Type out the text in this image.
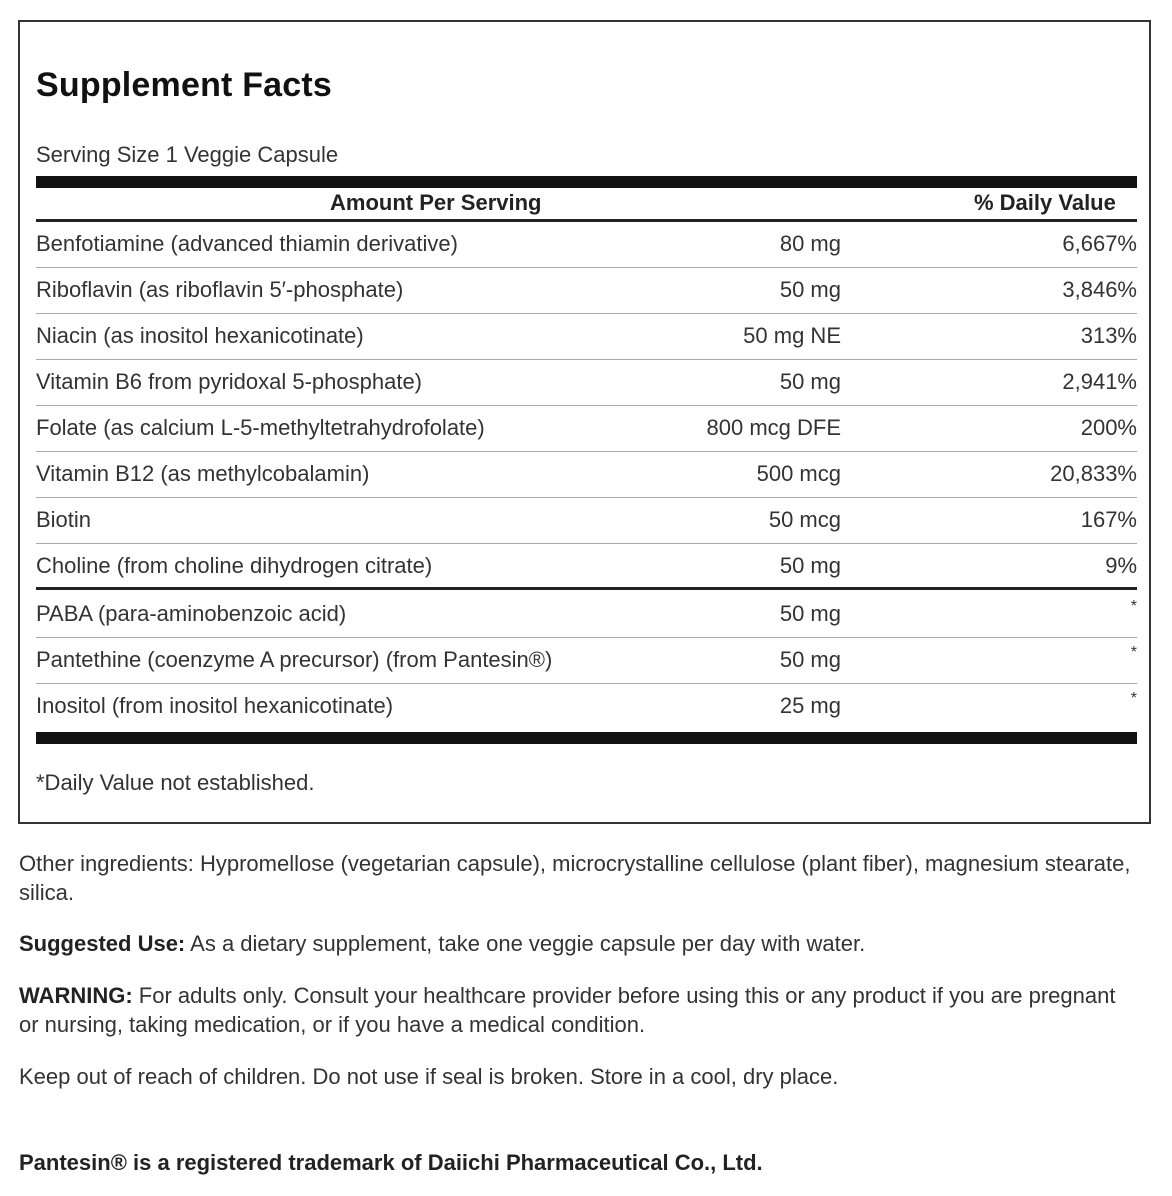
Supplement Facts
Serving Size 1 Veggie Capsule
Amount Per Serving	% Daily Value
Benfotiamine (advanced thiamin derivative)	80 mg	6,667%
Riboflavin (as riboflavin 5′-phosphate)	50 mg	3,846%
Niacin (as inositol hexanicotinate)	50 mg NE	313%
Vitamin B6 from pyridoxal 5-phosphate)	50 mg	2,941%
Folate (as calcium L-5-methyltetrahydrofolate)	800 mcg DFE	200%
Vitamin B12 (as methylcobalamin)	500 mcg	20,833%
Biotin	50 mcg	167%
Choline (from choline dihydrogen citrate)	50 mg	9%
PABA (para-aminobenzoic acid)	50 mg	*
Pantethine (coenzyme A precursor) (from Pantesin®)	50 mg	*
Inositol (from inositol hexanicotinate)	25 mg	*
*Daily Value not established.
Other ingredients: Hypromellose (vegetarian capsule), microcrystalline cellulose (plant fiber), magnesium stearate, silica.
Suggested Use: As a dietary supplement, take one veggie capsule per day with water.
WARNING: For adults only. Consult your healthcare provider before using this or any product if you are pregnant or nursing, taking medication, or if you have a medical condition.
Keep out of reach of children. Do not use if seal is broken. Store in a cool, dry place.
Pantesin® is a registered trademark of Daiichi Pharmaceutical Co., Ltd.
